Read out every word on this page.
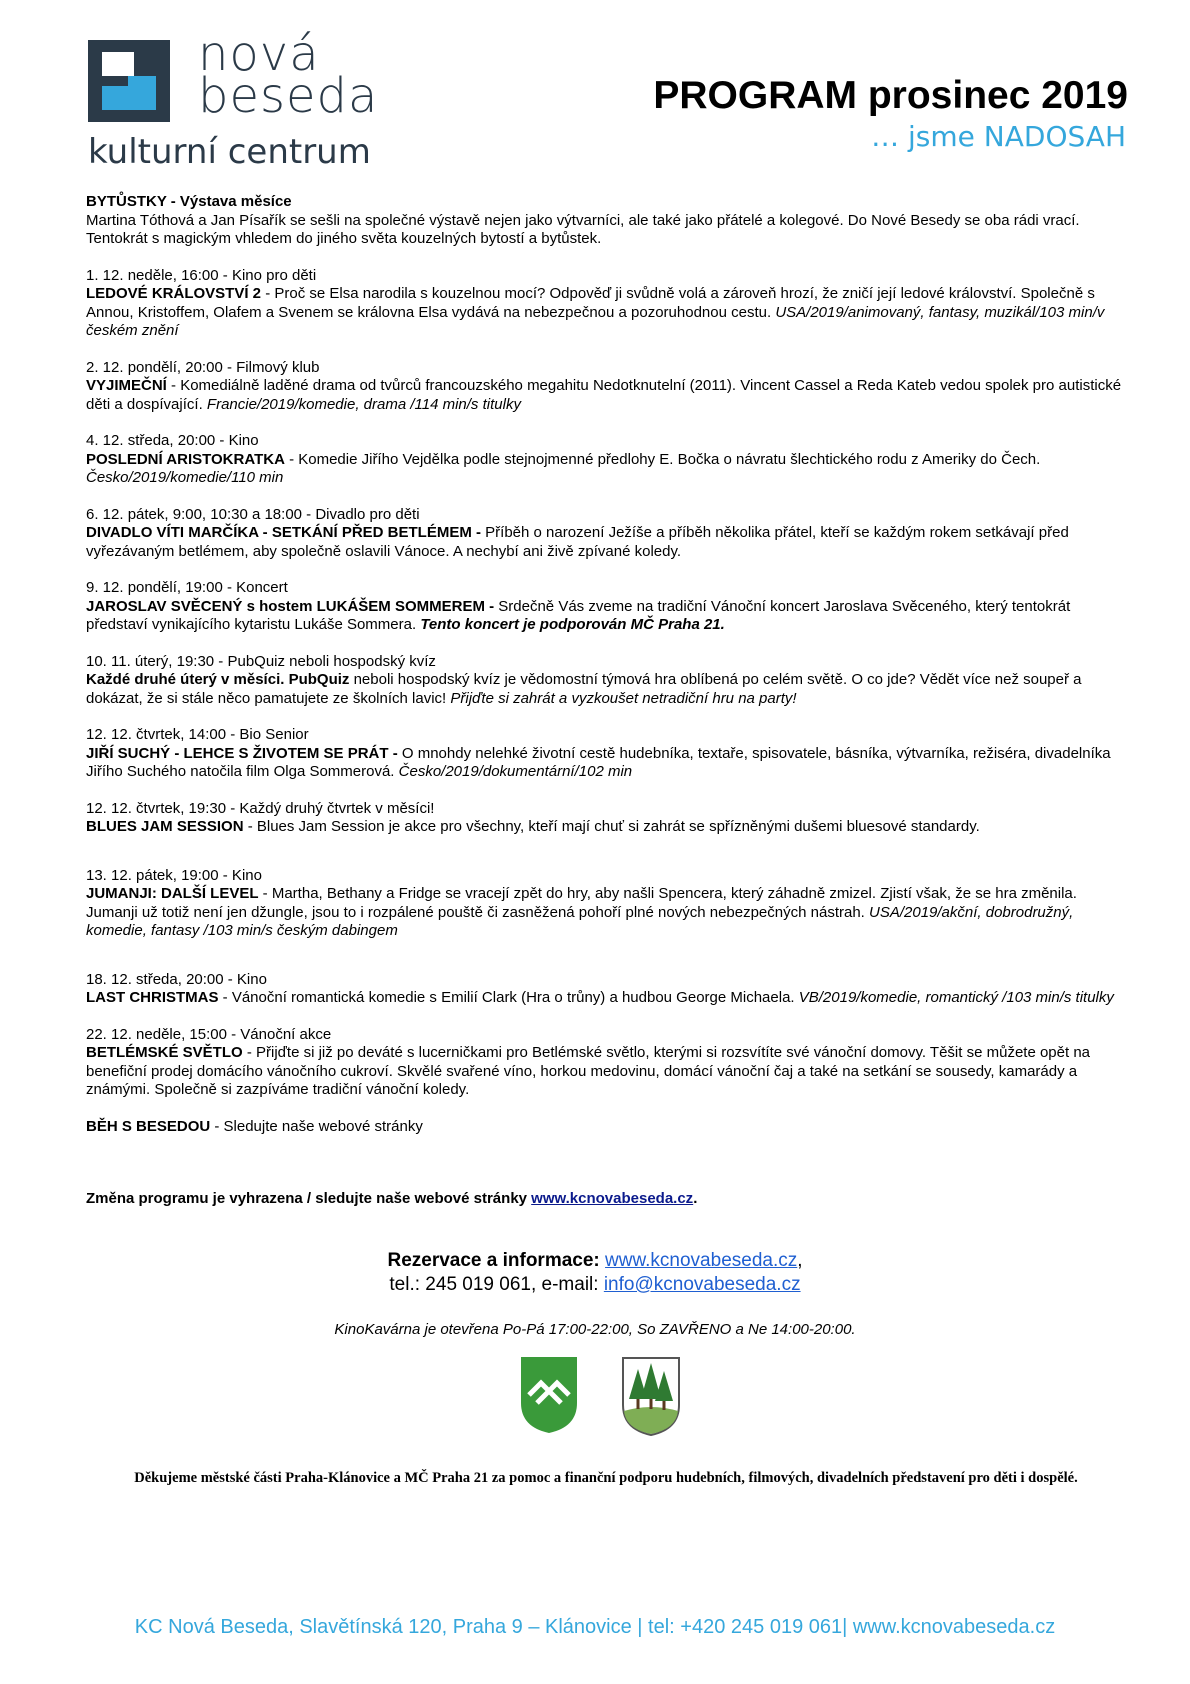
nová
beseda
kulturní centrum
PROGRAM prosinec 2019
… jsme NADOSAH

BYTŮSTKY - Výstava měsíce

Martina Tóthová a Jan Písařík se sešli na společné výstavě nejen jako výtvarníci, ale také jako přátelé a kolegové. Do Nové Besedy se oba rádi vrací. Tentokrát s magickým vhledem do jiného světa kouzelných bytostí a bytůstek.

1. 12. neděle, 16:00 - Kino pro děti

LEDOVÉ KRÁLOVSTVÍ 2 - Proč se Elsa narodila s kouzelnou mocí? Odpověď ji svůdně volá a zároveň hrozí, že zničí její ledové království. Společně s Annou, Kristoffem, Olafem a Svenem se královna Elsa vydává na nebezpečnou a pozoruhodnou cestu. USA/2019/animovaný, fantasy, muzikál/103 min/v českém znění

2. 12. pondělí, 20:00 - Filmový klub

VYJIMEČNÍ - Komediálně laděné drama od tvůrců francouzského megahitu Nedotknutelní (2011). Vincent Cassel a Reda Kateb vedou spolek pro autistické děti a dospívající. Francie/2019/komedie, drama /114 min/s titulky

4. 12. středa, 20:00 - Kino

POSLEDNÍ ARISTOKRATKA - Komedie Jiřího Vejdělka podle stejnojmenné předlohy E. Bočka o návratu šlechtického rodu z Ameriky do Čech. Česko/2019/komedie/110 min

6. 12. pátek, 9:00, 10:30 a 18:00 - Divadlo pro děti

DIVADLO VÍTI MARČÍKA - SETKÁNÍ PŘED BETLÉMEM - Příběh o narození Ježíše a příběh několika přátel, kteří se každým rokem setkávají před vyřezávaným betlémem, aby společně oslavili Vánoce. A nechybí ani živě zpívané koledy.

9. 12. pondělí, 19:00 - Koncert

JAROSLAV SVĚCENÝ s hostem LUKÁŠEM SOMMEREM - Srdečně Vás zveme na tradiční Vánoční koncert Jaroslava Svěceného, který tentokrát představí vynikajícího kytaristu Lukáše Sommera. Tento koncert je podporován MČ Praha 21.

10. 11. úterý, 19:30 - PubQuiz neboli hospodský kvíz

Každé druhé úterý v měsíci. PubQuiz neboli hospodský kvíz je vědomostní týmová hra oblíbená po celém světě. O co jde? Vědět více než soupeř a dokázat, že si stále něco pamatujete ze školních lavic! Přijďte si zahrát a vyzkoušet netradiční hru na party!

12. 12. čtvrtek, 14:00 - Bio Senior

JIŘÍ SUCHÝ - LEHCE S ŽIVOTEM SE PRÁT - O mnohdy nelehké životní cestě hudebníka, textaře, spisovatele, básníka, výtvarníka, režiséra, divadelníka Jiřího Suchého natočila film Olga Sommerová. Česko/2019/dokumentární/102 min

12. 12. čtvrtek, 19:30 - Každý druhý čtvrtek v měsíci!

BLUES JAM SESSION - Blues Jam Session je akce pro všechny, kteří mají chuť si zahrát se spřízněnými dušemi bluesové standardy.

13. 12. pátek, 19:00 - Kino

JUMANJI: DALŠÍ LEVEL - Martha, Bethany a Fridge se vracejí zpět do hry, aby našli Spencera, který záhadně zmizel. Zjistí však, že se hra změnila. Jumanji už totiž není jen džungle, jsou to i rozpálené pouště či zasněžená pohoří plné nových nebezpečných nástrah. USA/2019/akční, dobrodružný, komedie, fantasy /103 min/s českým dabingem

18. 12. středa, 20:00 - Kino

LAST CHRISTMAS - Vánoční romantická komedie s Emilií Clark (Hra o trůny) a hudbou George Michaela. VB/2019/komedie, romantický /103 min/s titulky

22. 12. neděle, 15:00 - Vánoční akce

BETLÉMSKÉ SVĚTLO - Přijďte si již po deváté s lucerničkami pro Betlémské světlo, kterými si rozsvítíte své vánoční domovy. Těšit se můžete opět na benefiční prodej domácího vánočního cukroví. Skvělé svařené víno, horkou medovinu, domácí vánoční čaj a také na setkání se sousedy, kamarády a známými. Společně si zazpíváme tradiční vánoční koledy.

BĚH S BESEDOU - Sledujte naše webové stránky

Změna programu je vyhrazena / sledujte naše webové stránky www.kcnovabeseda.cz.
Rezervace a informace: www.kcnovabeseda.cz,
tel.: 245 019 061, e-mail: info@kcnovabeseda.cz
KinoKavárna je otevřena Po-Pá 17:00-22:00, So ZAVŘENO a Ne 14:00-20:00.
Děkujeme městské části Praha-Klánovice a MČ Praha 21 za pomoc a finanční podporu hudebních, filmových, divadelních představení pro děti i dospělé.
KC Nová Beseda, Slavětínská 120, Praha 9 – Klánovice | tel: +420 245 019 061| www.kcnovabeseda.cz
